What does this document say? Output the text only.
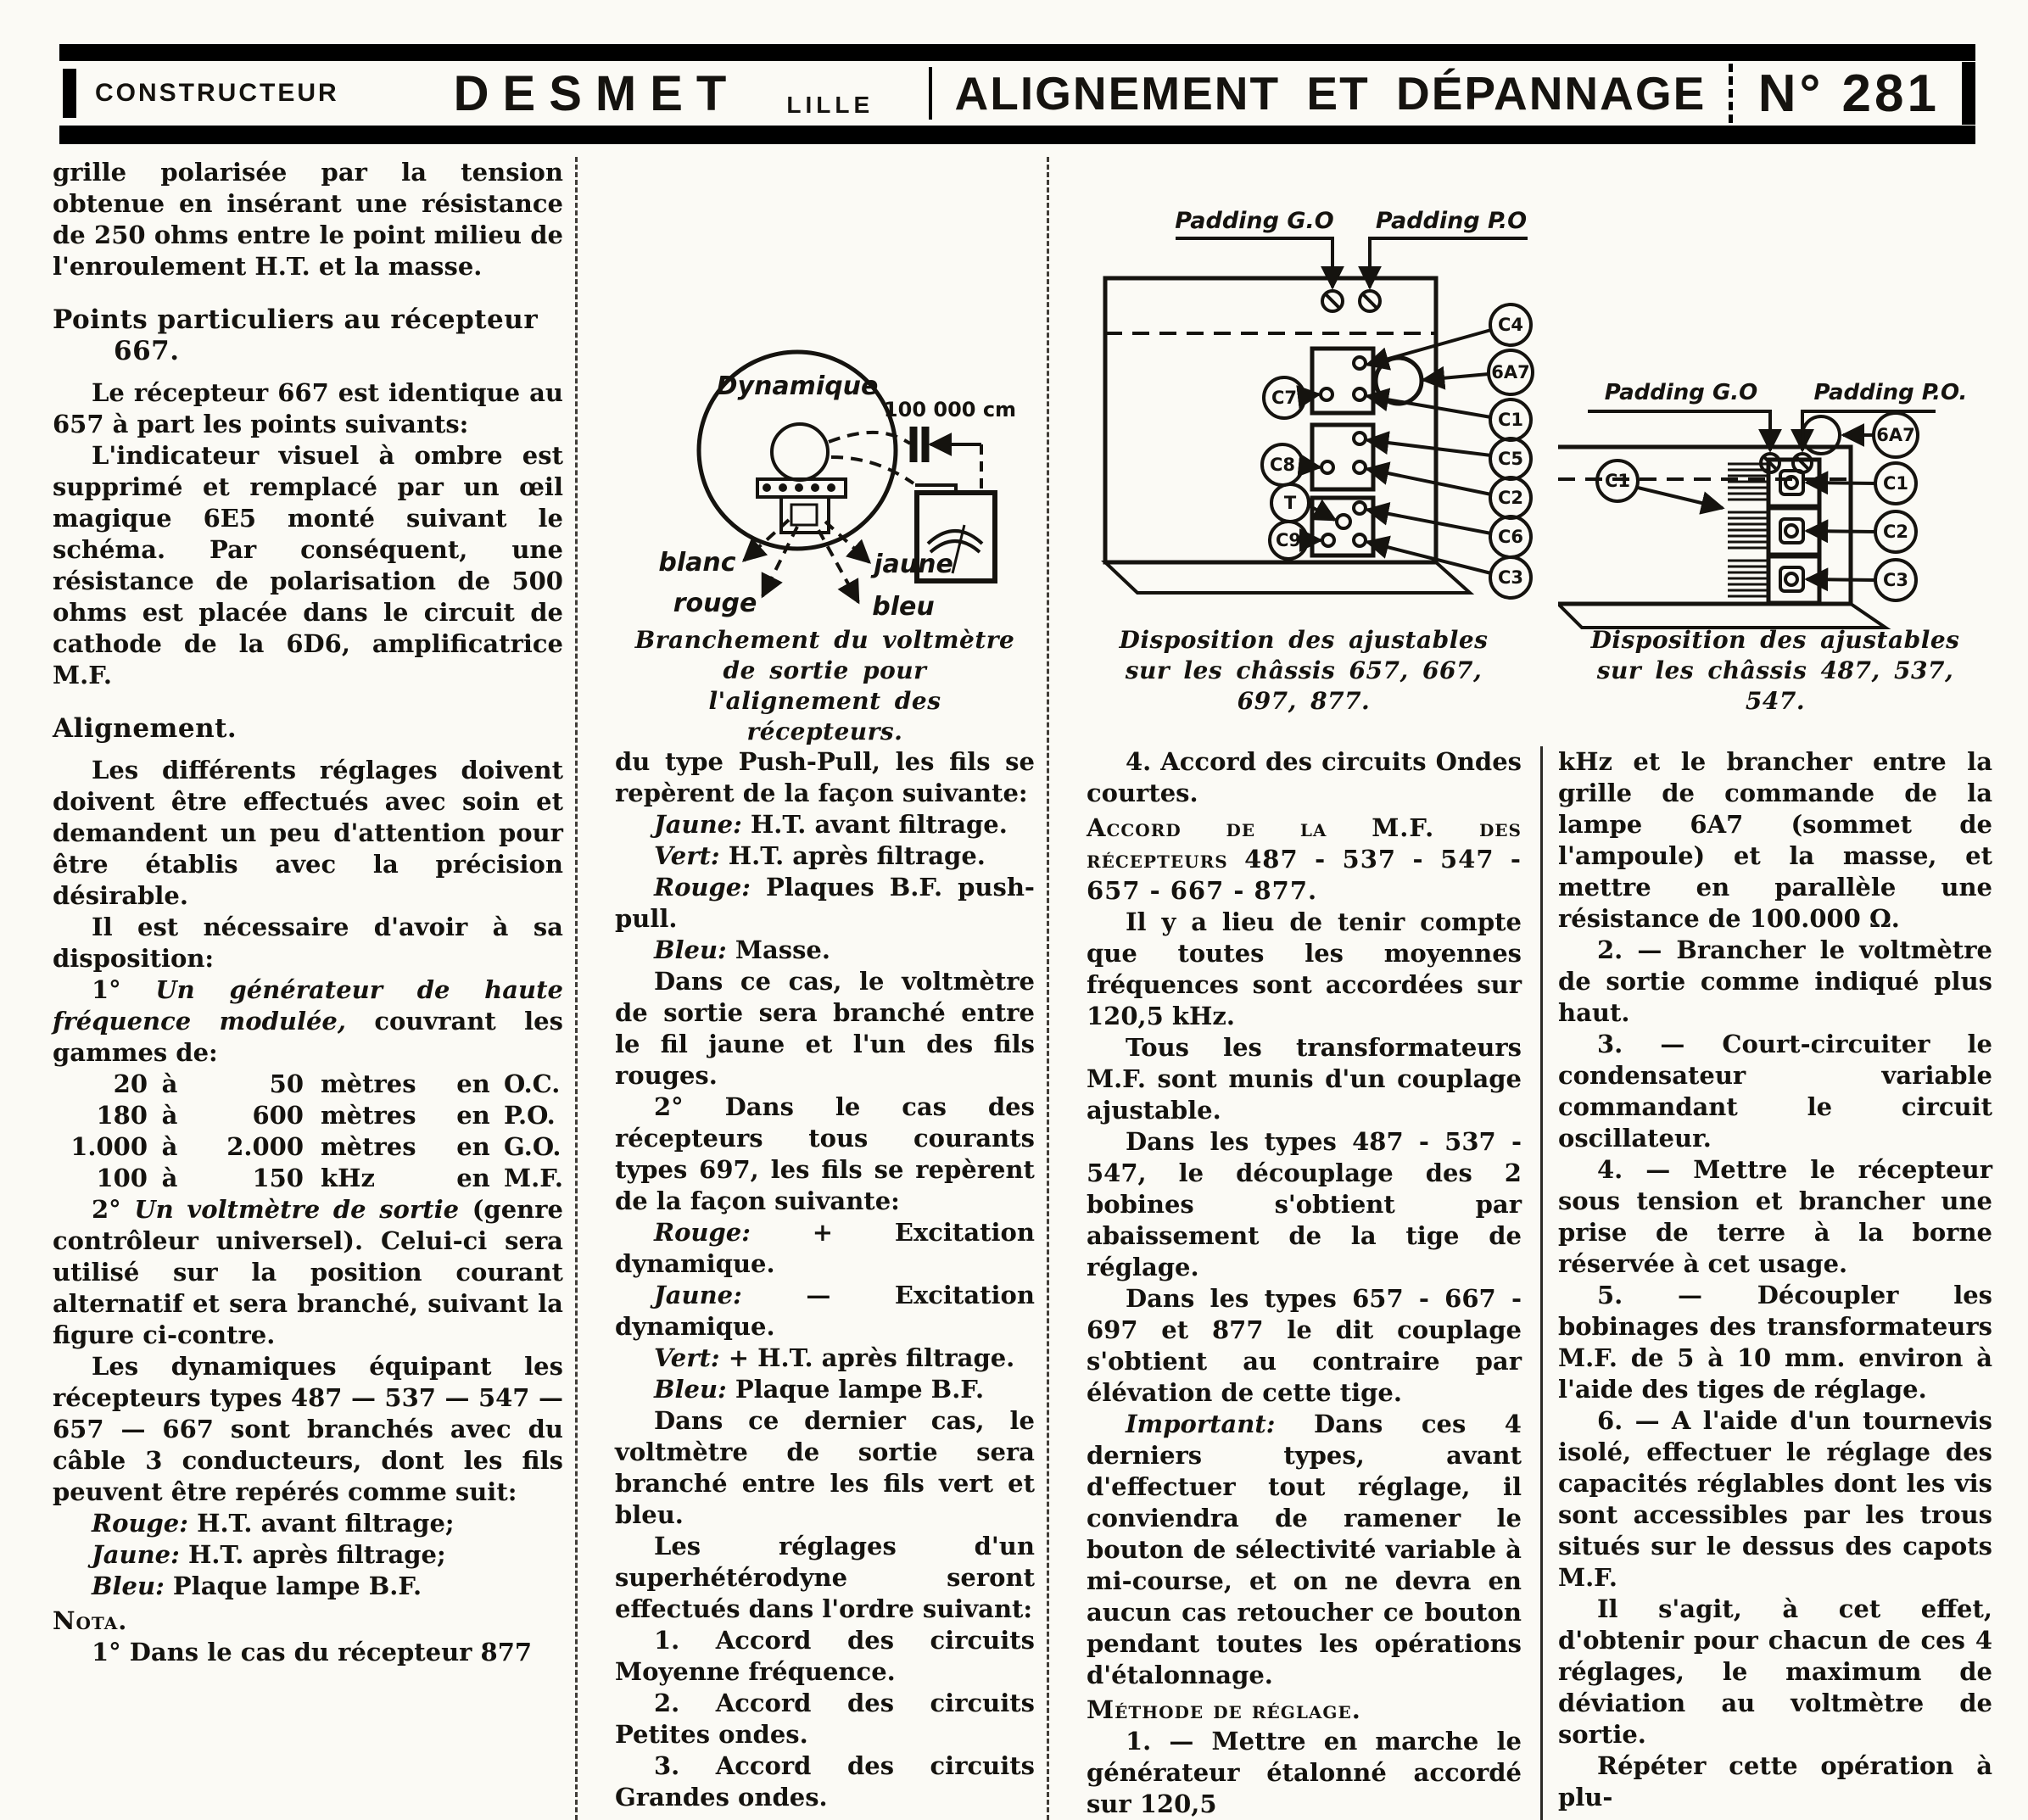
CONSTRUCTEUR DESMET LILLE	ALIGNEMENT ET DÉPANNAGE N° 281

grille polarisée par la tension obtenue en insérant une résistance de 250 ohms entre le point milieu de l'enroulement H.T. et la masse.

Points particuliers au récepteur 667.

Le récepteur 667 est identique au 657 à part les points suivants:

L'indicateur visuel à ombre est supprimé et remplacé par un œil magique 6E5 monté suivant le schéma. Par conséquent, une résistance de polarisation de 500 ohms est placée dans le circuit de cathode de la 6D6, amplificatrice M.F.

Alignement.

Les différents réglages doivent doivent être effectués avec soin et demandent un peu d'attention pour être établis avec la précision désirable.

Il est nécessaire d'avoir à sa disposition:

1° Un générateur de haute fréquence modulée, couvrant les gammes de:

20 à	50 mètres	en O.C.
180 à	600 mètres	en P.O.
1.000 à	2.000 mètres	en G.O.
100 à	150 kHz	en M.F.

2° Un voltmètre de sortie (genre contrôleur universel). Celui-ci sera utilisé sur la position courant alternatif et sera branché, suivant la figure ci-contre.

Les dynamiques équipant les récepteurs types 487 — 537 — 547 — 657 — 667 sont branchés avec du câble 3 conducteurs, dont les fils peuvent être repérés comme suit:

Rouge: H.T. avant filtrage;

Jaune: H.T. après filtrage;

Bleu: Plaque lampe B.F.

Nota.

1° Dans le cas du récepteur 877

Dynamique
100 000 cm
blanc
rouge
jaune
bleu
Branchement du voltmètre de sortie pour l'alignement des récepteurs.

du type Push-Pull, les fils se repèrent de la façon suivante:

Jaune: H.T. avant filtrage.

Vert: H.T. après filtrage.

Rouge: Plaques B.F. push-pull.

Bleu: Masse.

Dans ce cas, le voltmètre de sortie sera branché entre le fil jaune et l'un des fils rouges.

2° Dans le cas des récepteurs tous courants types 697, les fils se repèrent de la façon suivante:

Rouge: + Excitation dynamique.

Jaune: — Excitation dynamique.

Vert: + H.T. après filtrage.

Bleu: Plaque lampe B.F.

Dans ce dernier cas, le voltmètre de sortie sera branché entre les fils vert et bleu.

Les réglages d'un superhétérodyne seront effectués dans l'ordre suivant:

1. Accord des circuits Moyenne fréquence.

2. Accord des circuits Petites ondes.

3. Accord des circuits Grandes ondes.

Padding G.O Padding P.O
C4
6A7
C1
C5
C2
C6
C3
C7
C8
T
C9
Disposition des ajustables sur les châssis 657, 667, 697, 877.

4. Accord des circuits Ondes courtes.

Accord de la M.F. des récepteurs 487 - 537 - 547 - 657 - 667 - 877.

Il y a lieu de tenir compte que toutes les moyennes fréquences sont accordées sur 120,5 kHz.

Tous les transformateurs M.F. sont munis d'un couplage ajustable.

Dans les types 487 - 537 - 547, le découplage des 2 bobines s'obtient par abaissement de la tige de réglage.

Dans les types 657 - 667 - 697 et 877 le dit couplage s'obtient au contraire par élévation de cette tige.

Important: Dans ces 4 derniers types, avant d'effectuer tout réglage, il conviendra de ramener le bouton de sélectivité variable à mi-course, et on ne devra en aucun cas retoucher ce bouton pendant toutes les opérations d'étalonnage.

Méthode de réglage.

1. — Mettre en marche le générateur étalonné accordé sur 120,5

Padding G.O	Padding P.O.
6A7
C1
C2
C3
C1
Disposition des ajustables sur les châssis 487, 537, 547.

kHz et le brancher entre la grille de commande de la lampe 6A7 (sommet de l'ampoule) et la masse, et mettre en parallèle une résistance de 100.000 Ω.

2. — Brancher le voltmètre de sortie comme indiqué plus haut.

3. — Court-circuiter le condensateur variable commandant le circuit oscillateur.

4. — Mettre le récepteur sous tension et brancher une prise de terre à la borne réservée à cet usage.

5. — Découpler les bobinages des transformateurs M.F. de 5 à 10 mm. environ à l'aide des tiges de réglage.

6. — A l'aide d'un tournevis isolé, effectuer le réglage des capacités réglables dont les vis sont accessibles par les trous situés sur le dessus des capots M.F.

Il s'agit, à cet effet, d'obtenir pour chacun de ces 4 réglages, le maximum de déviation au voltmètre de sortie.

Répéter cette opération à plu-
